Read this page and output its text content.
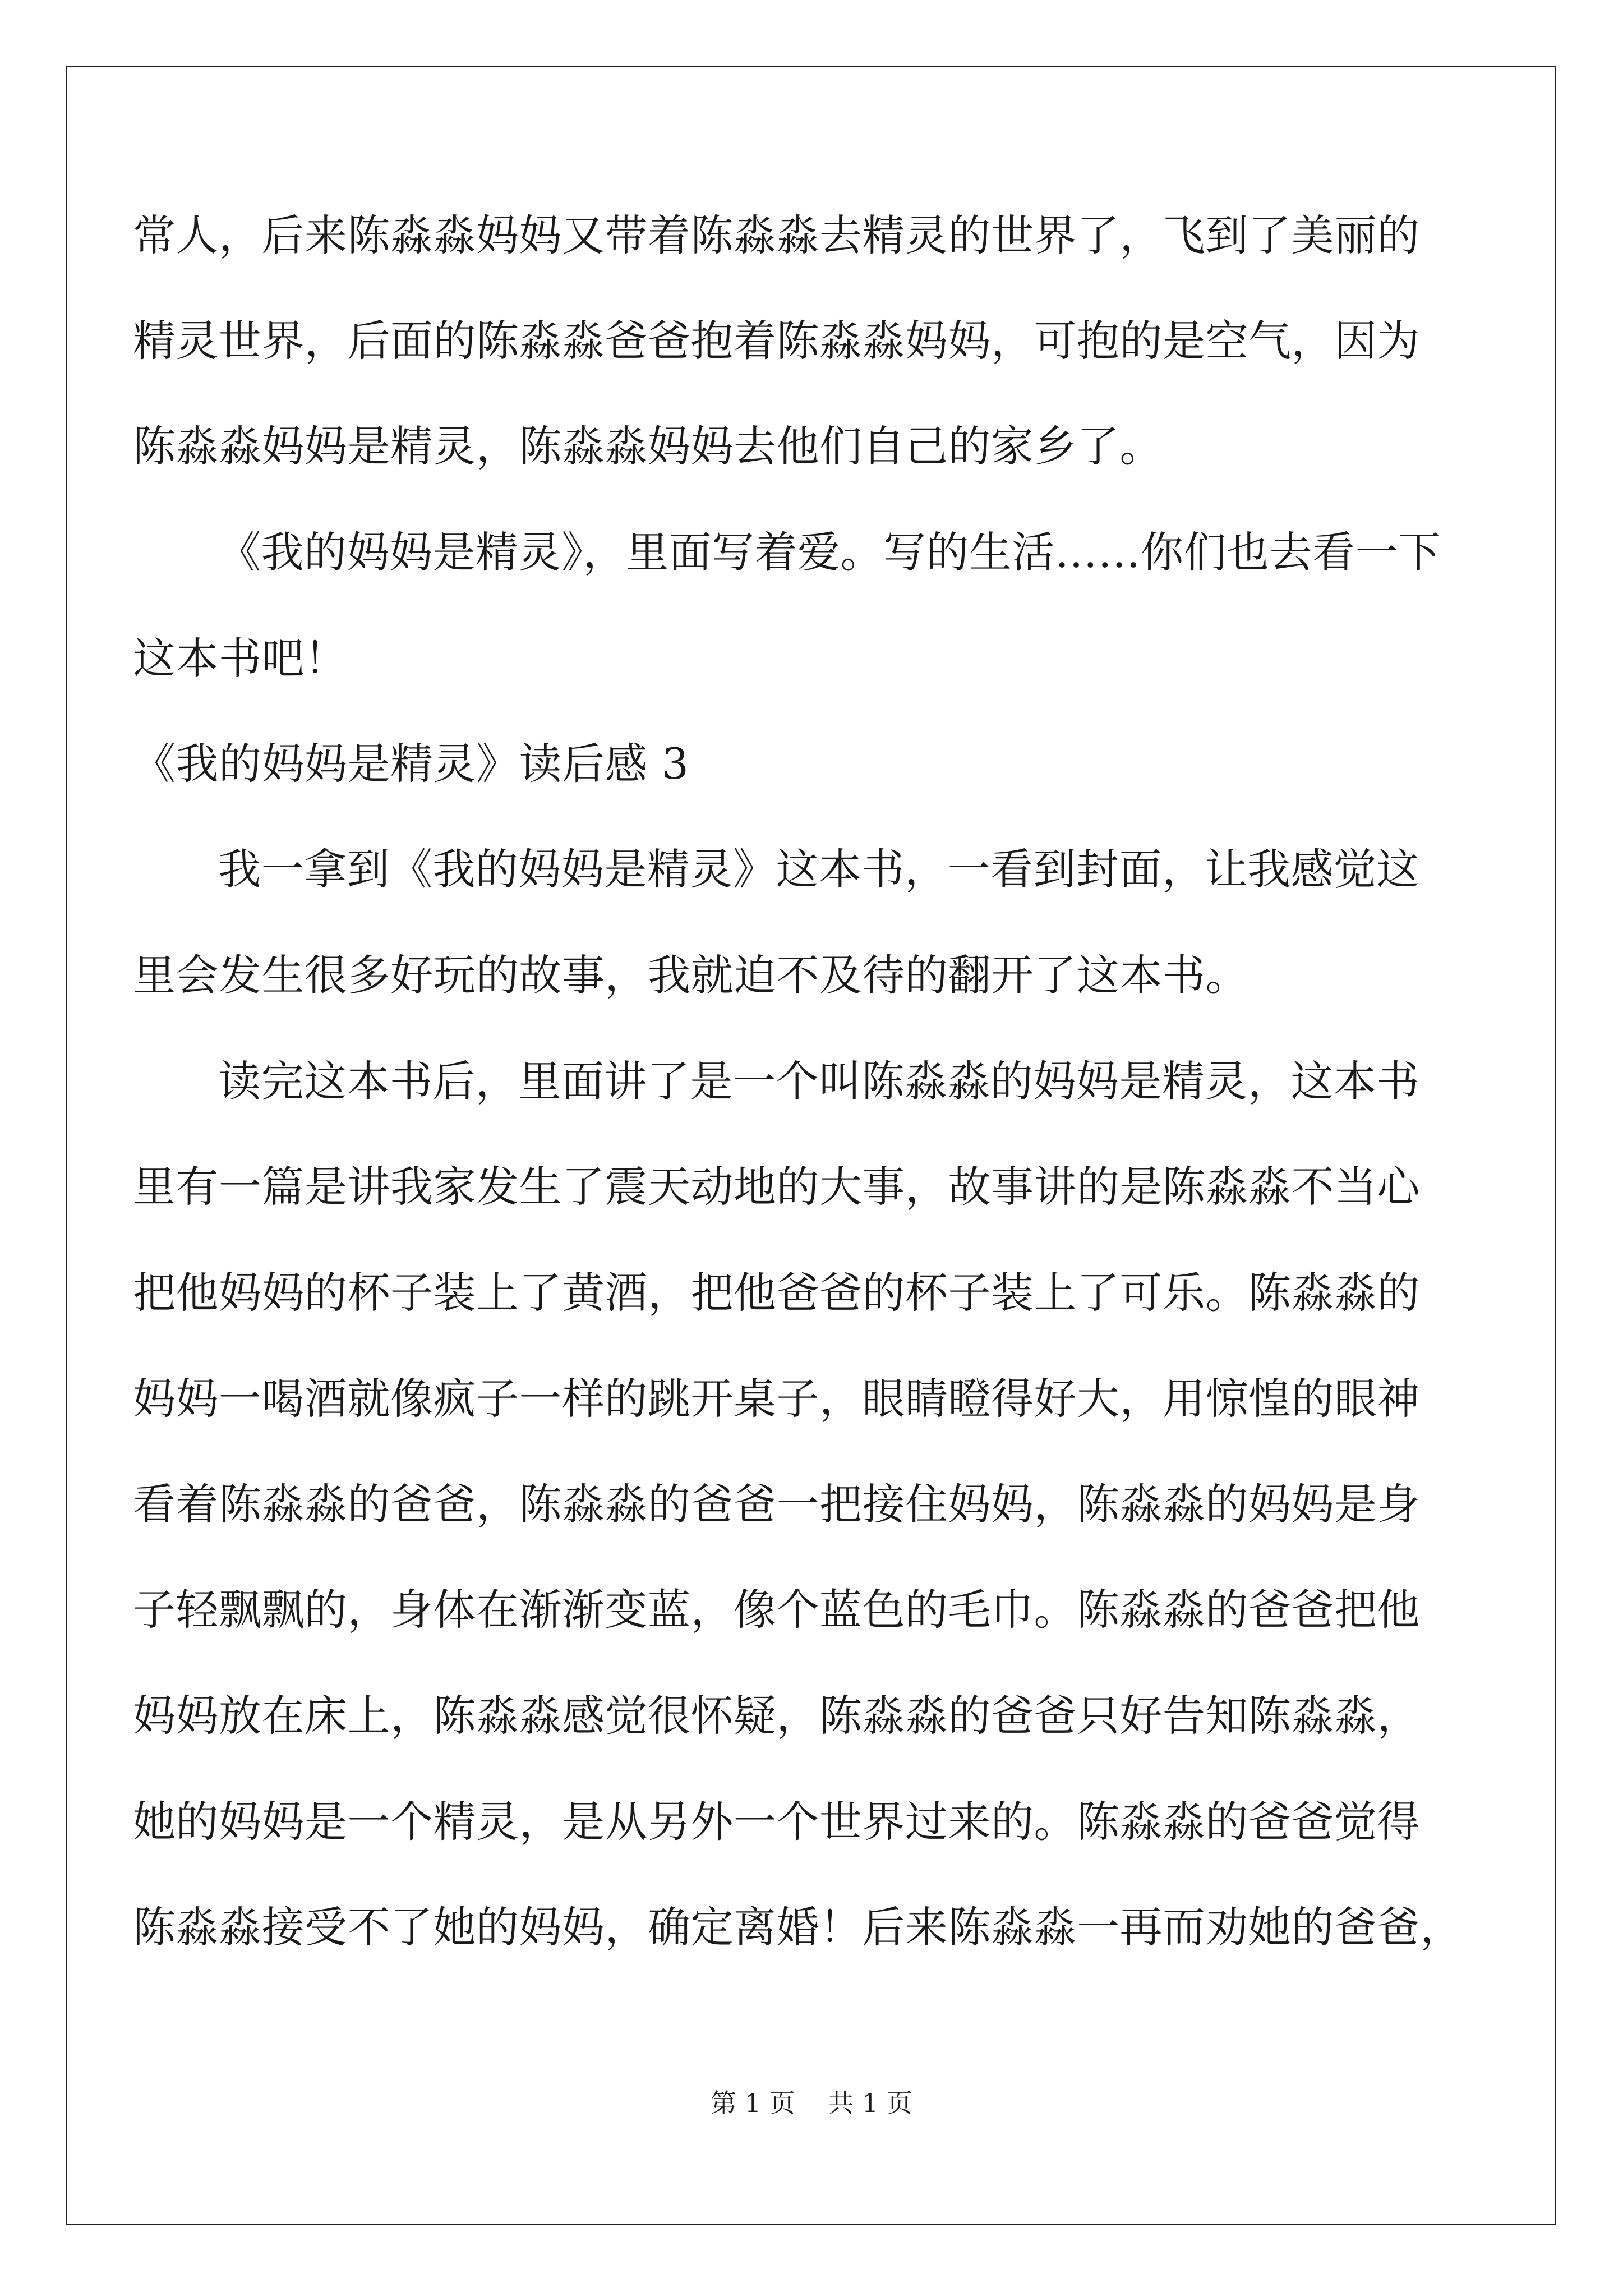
常人，后来陈淼淼妈妈又带着陈淼淼去精灵的世界了，飞到了美丽的
精灵世界，后面的陈淼淼爸爸抱着陈淼淼妈妈，可抱的是空气，因为
陈淼淼妈妈是精灵，陈淼淼妈妈去他们自己的家乡了。
《我的妈妈是精灵》，里面写着爱。写的生活……你们也去看一下
这本书吧！
《我的妈妈是精灵》读后感 3
我一拿到《我的妈妈是精灵》这本书，一看到封面，让我感觉这
里会发生很多好玩的故事，我就迫不及待的翻开了这本书。
读完这本书后，里面讲了是一个叫陈淼淼的妈妈是精灵，这本书
里有一篇是讲我家发生了震天动地的大事，故事讲的是陈淼淼不当心
把他妈妈的杯子装上了黄酒，把他爸爸的杯子装上了可乐。陈淼淼的
妈妈一喝酒就像疯子一样的跳开桌子，眼睛瞪得好大，用惊惶的眼神
看着陈淼淼的爸爸，陈淼淼的爸爸一把接住妈妈，陈淼淼的妈妈是身
子轻飘飘的，身体在渐渐变蓝，像个蓝色的毛巾。陈淼淼的爸爸把他
妈妈放在床上，陈淼淼感觉很怀疑，陈淼淼的爸爸只好告知陈淼淼，
她的妈妈是一个精灵，是从另外一个世界过来的。陈淼淼的爸爸觉得
陈淼淼接受不了她的妈妈，确定离婚！后来陈淼淼一再而劝她的爸爸，
第 1 页    共 1 页
